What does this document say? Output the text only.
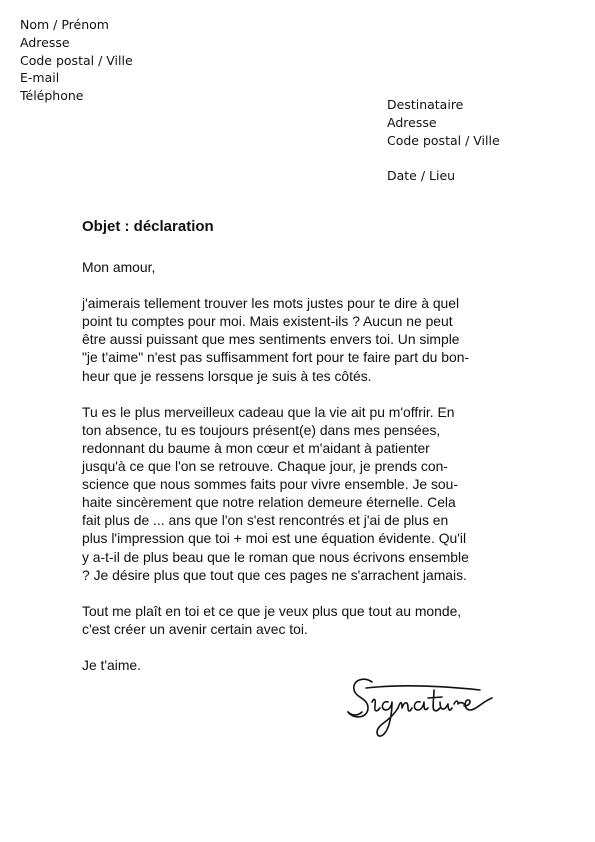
Nom / Prénom
Adresse
Code postal / Ville
E-mail
Téléphone
Destinataire
Adresse
Code postal / Ville
Date / Lieu
Objet : déclaration

Mon amour,

j'aimerais tellement trouver les mots justes pour te dire à quel
point tu comptes pour moi. Mais existent-ils ? Aucun ne peut
être aussi puissant que mes sentiments envers toi. Un simple
"je t'aime" n'est pas suffisamment fort pour te faire part du bon-
heur que je ressens lorsque je suis à tes côtés.

Tu es le plus merveilleux cadeau que la vie ait pu m'offrir. En
ton absence, tu es toujours présent(e) dans mes pensées,
redonnant du baume à mon cœur et m'aidant à patienter
jusqu'à ce que l'on se retrouve. Chaque jour, je prends con-
science que nous sommes faits pour vivre ensemble. Je sou-
haite sincèrement que notre relation demeure éternelle. Cela
fait plus de ... ans que l'on s'est rencontrés et j'ai de plus en
plus l'impression que toi + moi est une équation évidente. Qu'il
y a-t-il de plus beau que le roman que nous écrivons ensemble
? Je désire plus que tout que ces pages ne s'arrachent jamais.

Tout me plaît en toi et ce que je veux plus que tout au monde,
c'est créer un avenir certain avec toi.

Je t'aime.
